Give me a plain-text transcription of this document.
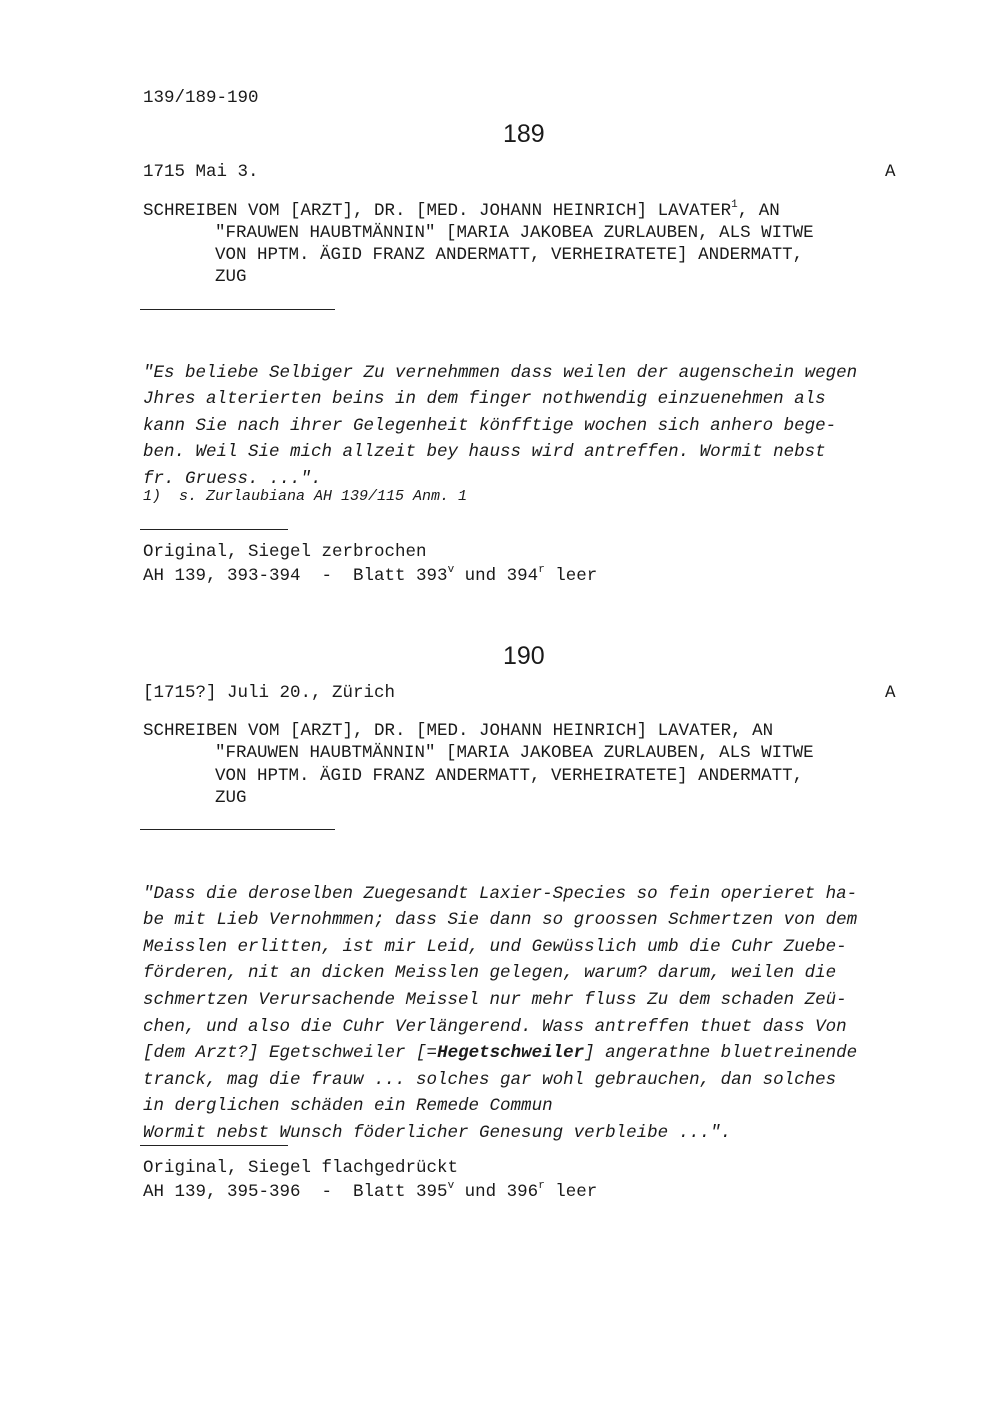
139/189-190
189
1715 Mai 3.	A
SCHREIBEN VOM [ARZT], DR. [MED. JOHANN HEINRICH] LAVATER$^1$, AN
"FRAUWEN HAUBTMÄNNIN" [MARIA JAKOBEA ZURLAUBEN, ALS WITWE
VON HPTM. ÄGID FRANZ ANDERMATT, VERHEIRATETE] ANDERMATT,
ZUG

"Es beliebe Selbiger Zu vernehmmen dass weilen der augenschein wegen
Jhres alterierten beins in dem finger nothwendig einzuenehmen als
kann Sie nach ihrer Gelegenheit könfftige wochen sich anhero bege-
ben. Weil Sie mich allzeit bey hauss wird antreffen. Wormit nebst
fr. Gruess. ...".

1)  s. Zurlaubiana AH 139/115 Anm. 1
Original, Siegel zerbrochen
AH 139, 393-394  -  Blatt 393$^v$ und 394$^r$ leer
190
[1715?] Juli 20., Zürich	A
SCHREIBEN VOM [ARZT], DR. [MED. JOHANN HEINRICH] LAVATER, AN
"FRAUWEN HAUBTMÄNNIN" [MARIA JAKOBEA ZURLAUBEN, ALS WITWE
VON HPTM. ÄGID FRANZ ANDERMATT, VERHEIRATETE] ANDERMATT,
ZUG

"Dass die deroselben Zuegesandt Laxier-Species so fein operieret ha-
be mit Lieb Vernohmmen; dass Sie dann so groossen Schmertzen von dem
Meisslen erlitten, ist mir Leid, und Gewüsslich umb die Cuhr Zuebe-
förderen, nit an dicken Meisslen gelegen, warum? darum, weilen die
schmertzen Verursachende Meissel nur mehr fluss Zu dem schaden Zeü-
chen, und also die Cuhr Verlängerend. Wass antreffen thuet dass Von
[dem Arzt?] Egetschweiler [=Hegetschweiler] angerathne bluetreinende
tranck, mag die frauw ... solches gar wohl gebrauchen, dan solches
in derglichen schäden ein Remede Commun
Wormit nebst Wunsch föderlicher Genesung verbleibe ...".

Original, Siegel flachgedrückt
AH 139, 395-396  -  Blatt 395$^v$ und 396$^r$ leer
